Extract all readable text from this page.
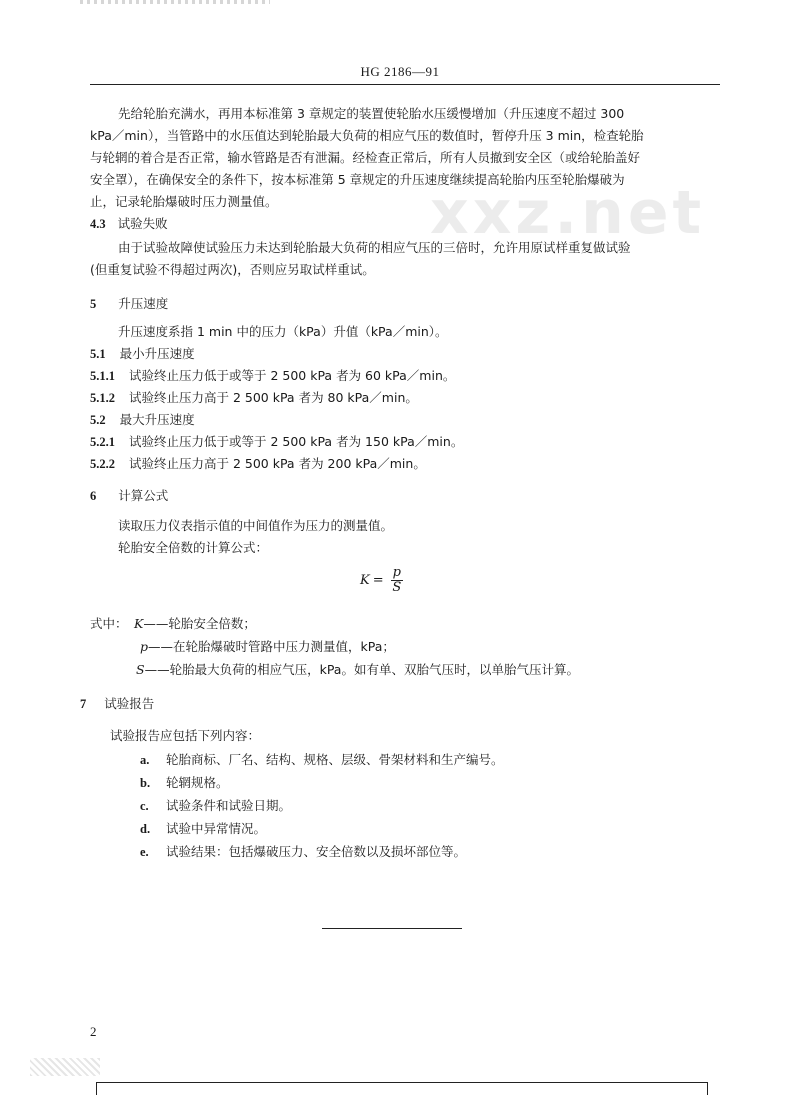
xxz.net
HG 2186—91
先给轮胎充满水，再用本标准第 3 章规定的装置使轮胎水压缓慢增加（升压速度不超过 300
kPa／min），当管路中的水压值达到轮胎最大负荷的相应气压的数值时，暂停升压 3 min，检查轮胎
与轮辋的着合是否正常，输水管路是否有泄漏。经检查正常后，所有人员撤到安全区（或给轮胎盖好
安全罩），在确保安全的条件下，按本标准第 5 章规定的升压速度继续提高轮胎内压至轮胎爆破为
止，记录轮胎爆破时压力测量值。
4.3 试验失败
由于试验故障使试验压力未达到轮胎最大负荷的相应气压的三倍时，允许用原试样重复做试验
(但重复试验不得超过两次)，否则应另取试样重试。
5 升压速度
升压速度系指 1 min 中的压力（kPa）升值（kPa／min）。
5.1 最小升压速度
5.1.1 试验终止压力低于或等于 2 500 kPa 者为 60 kPa／min。
5.1.2 试验终止压力高于 2 500 kPa 者为 80 kPa／min。
5.2 最大升压速度
5.2.1 试验终止压力低于或等于 2 500 kPa 者为 150 kPa／min。
5.2.2 试验终止压力高于 2 500 kPa 者为 200 kPa／min。
6 计算公式
读取压力仪表指示值的中间值作为压力的测量值。
轮胎安全倍数的计算公式：
$K = \frac{p}{S}$
式中： K——轮胎安全倍数；
p——在轮胎爆破时管路中压力测量值，kPa；
S——轮胎最大负荷的相应气压，kPa。如有单、双胎气压时，以单胎气压计算。
7 试验报告
试验报告应包括下列内容：
a. 轮胎商标、厂名、结构、规格、层级、骨架材料和生产编号。
b. 轮辋规格。
c. 试验条件和试验日期。
d. 试验中异常情况。
e. 试验结果：包括爆破压力、安全倍数以及损坏部位等。
2
